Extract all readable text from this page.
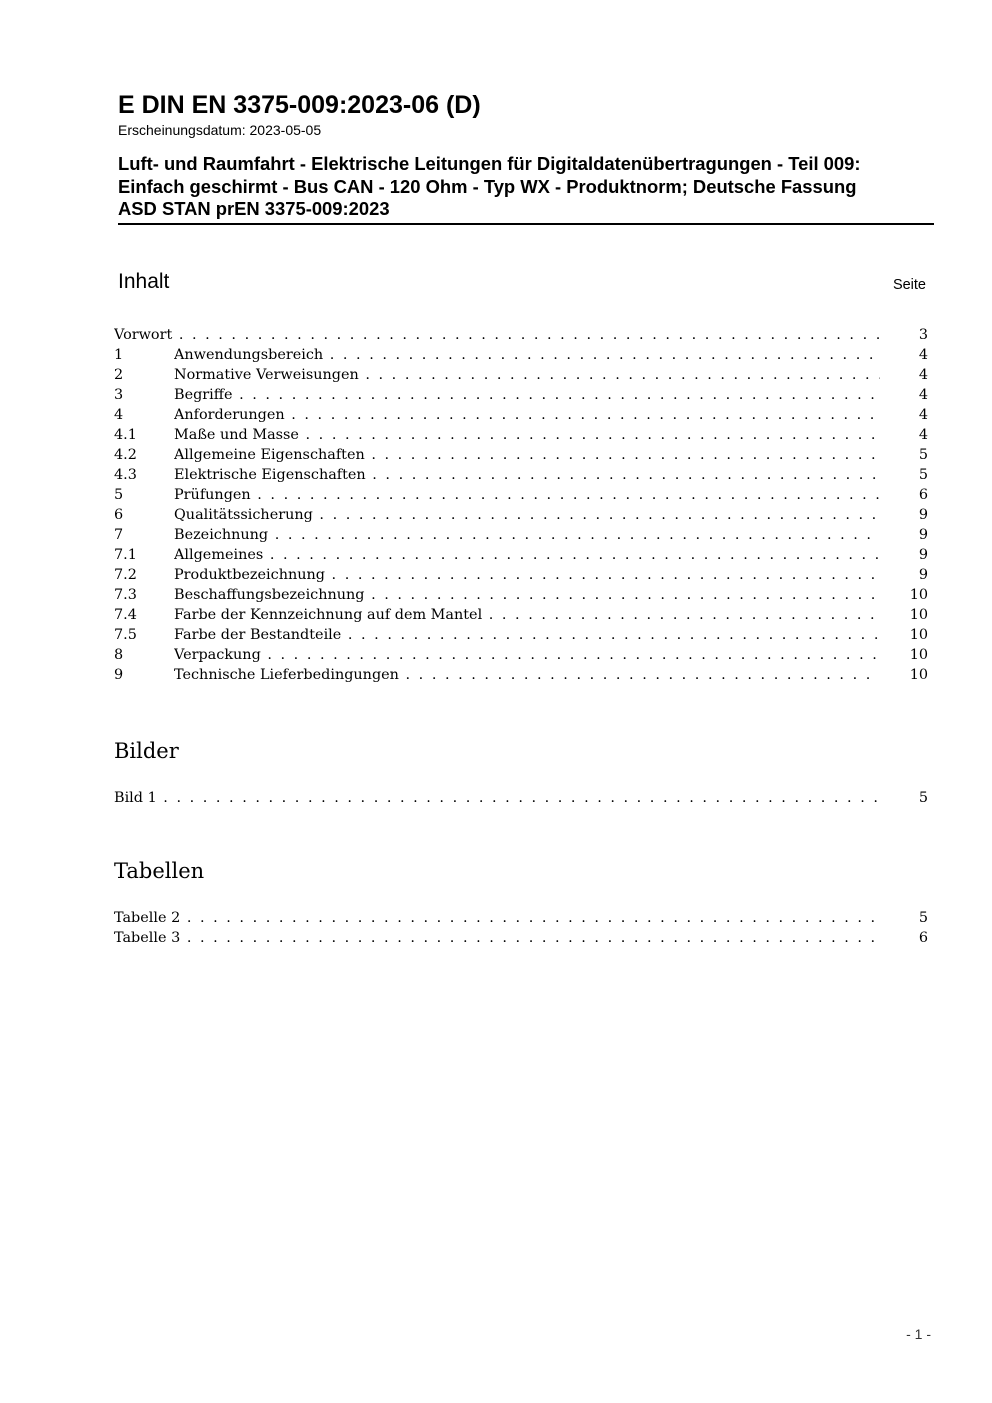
E DIN EN 3375-009:2023-06 (D)
Erscheinungsdatum: 2023-05-05
Luft- und Raumfahrt - Elektrische Leitungen für Digitaldatenübertragungen - Teil 009:
Einfach geschirmt - Bus CAN - 120 Ohm - Typ WX - Produktnorm; Deutsche Fassung
ASD STAN prEN 3375-009:2023
Inhalt	Seite
Vorwort . . .	3
1	Anwendungsbereich . . .	4
2	Normative Verweisungen . . .	4
3	Begriffe . . .	4
4	Anforderungen . . .	4
4.1	Maße und Masse . . .	4
4.2	Allgemeine Eigenschaften . . .	5
4.3	Elektrische Eigenschaften . . .	5
5	Prüfungen . . .	6
6	Qualitätssicherung . . .	9
7	Bezeichnung . . .	9
7.1	Allgemeines . . .	9
7.2	Produktbezeichnung . . .	9
7.3	Beschaffungsbezeichnung . . .	10
7.4	Farbe der Kennzeichnung auf dem Mantel . . .	10
7.5	Farbe der Bestandteile . . .	10
8	Verpackung . . .	10
9	Technische Lieferbedingungen . . .	10
Bilder
Bild 1 . . .	5
Tabellen
Tabelle 2 . . .	5
Tabelle 3 . . .	6
- 1 -
